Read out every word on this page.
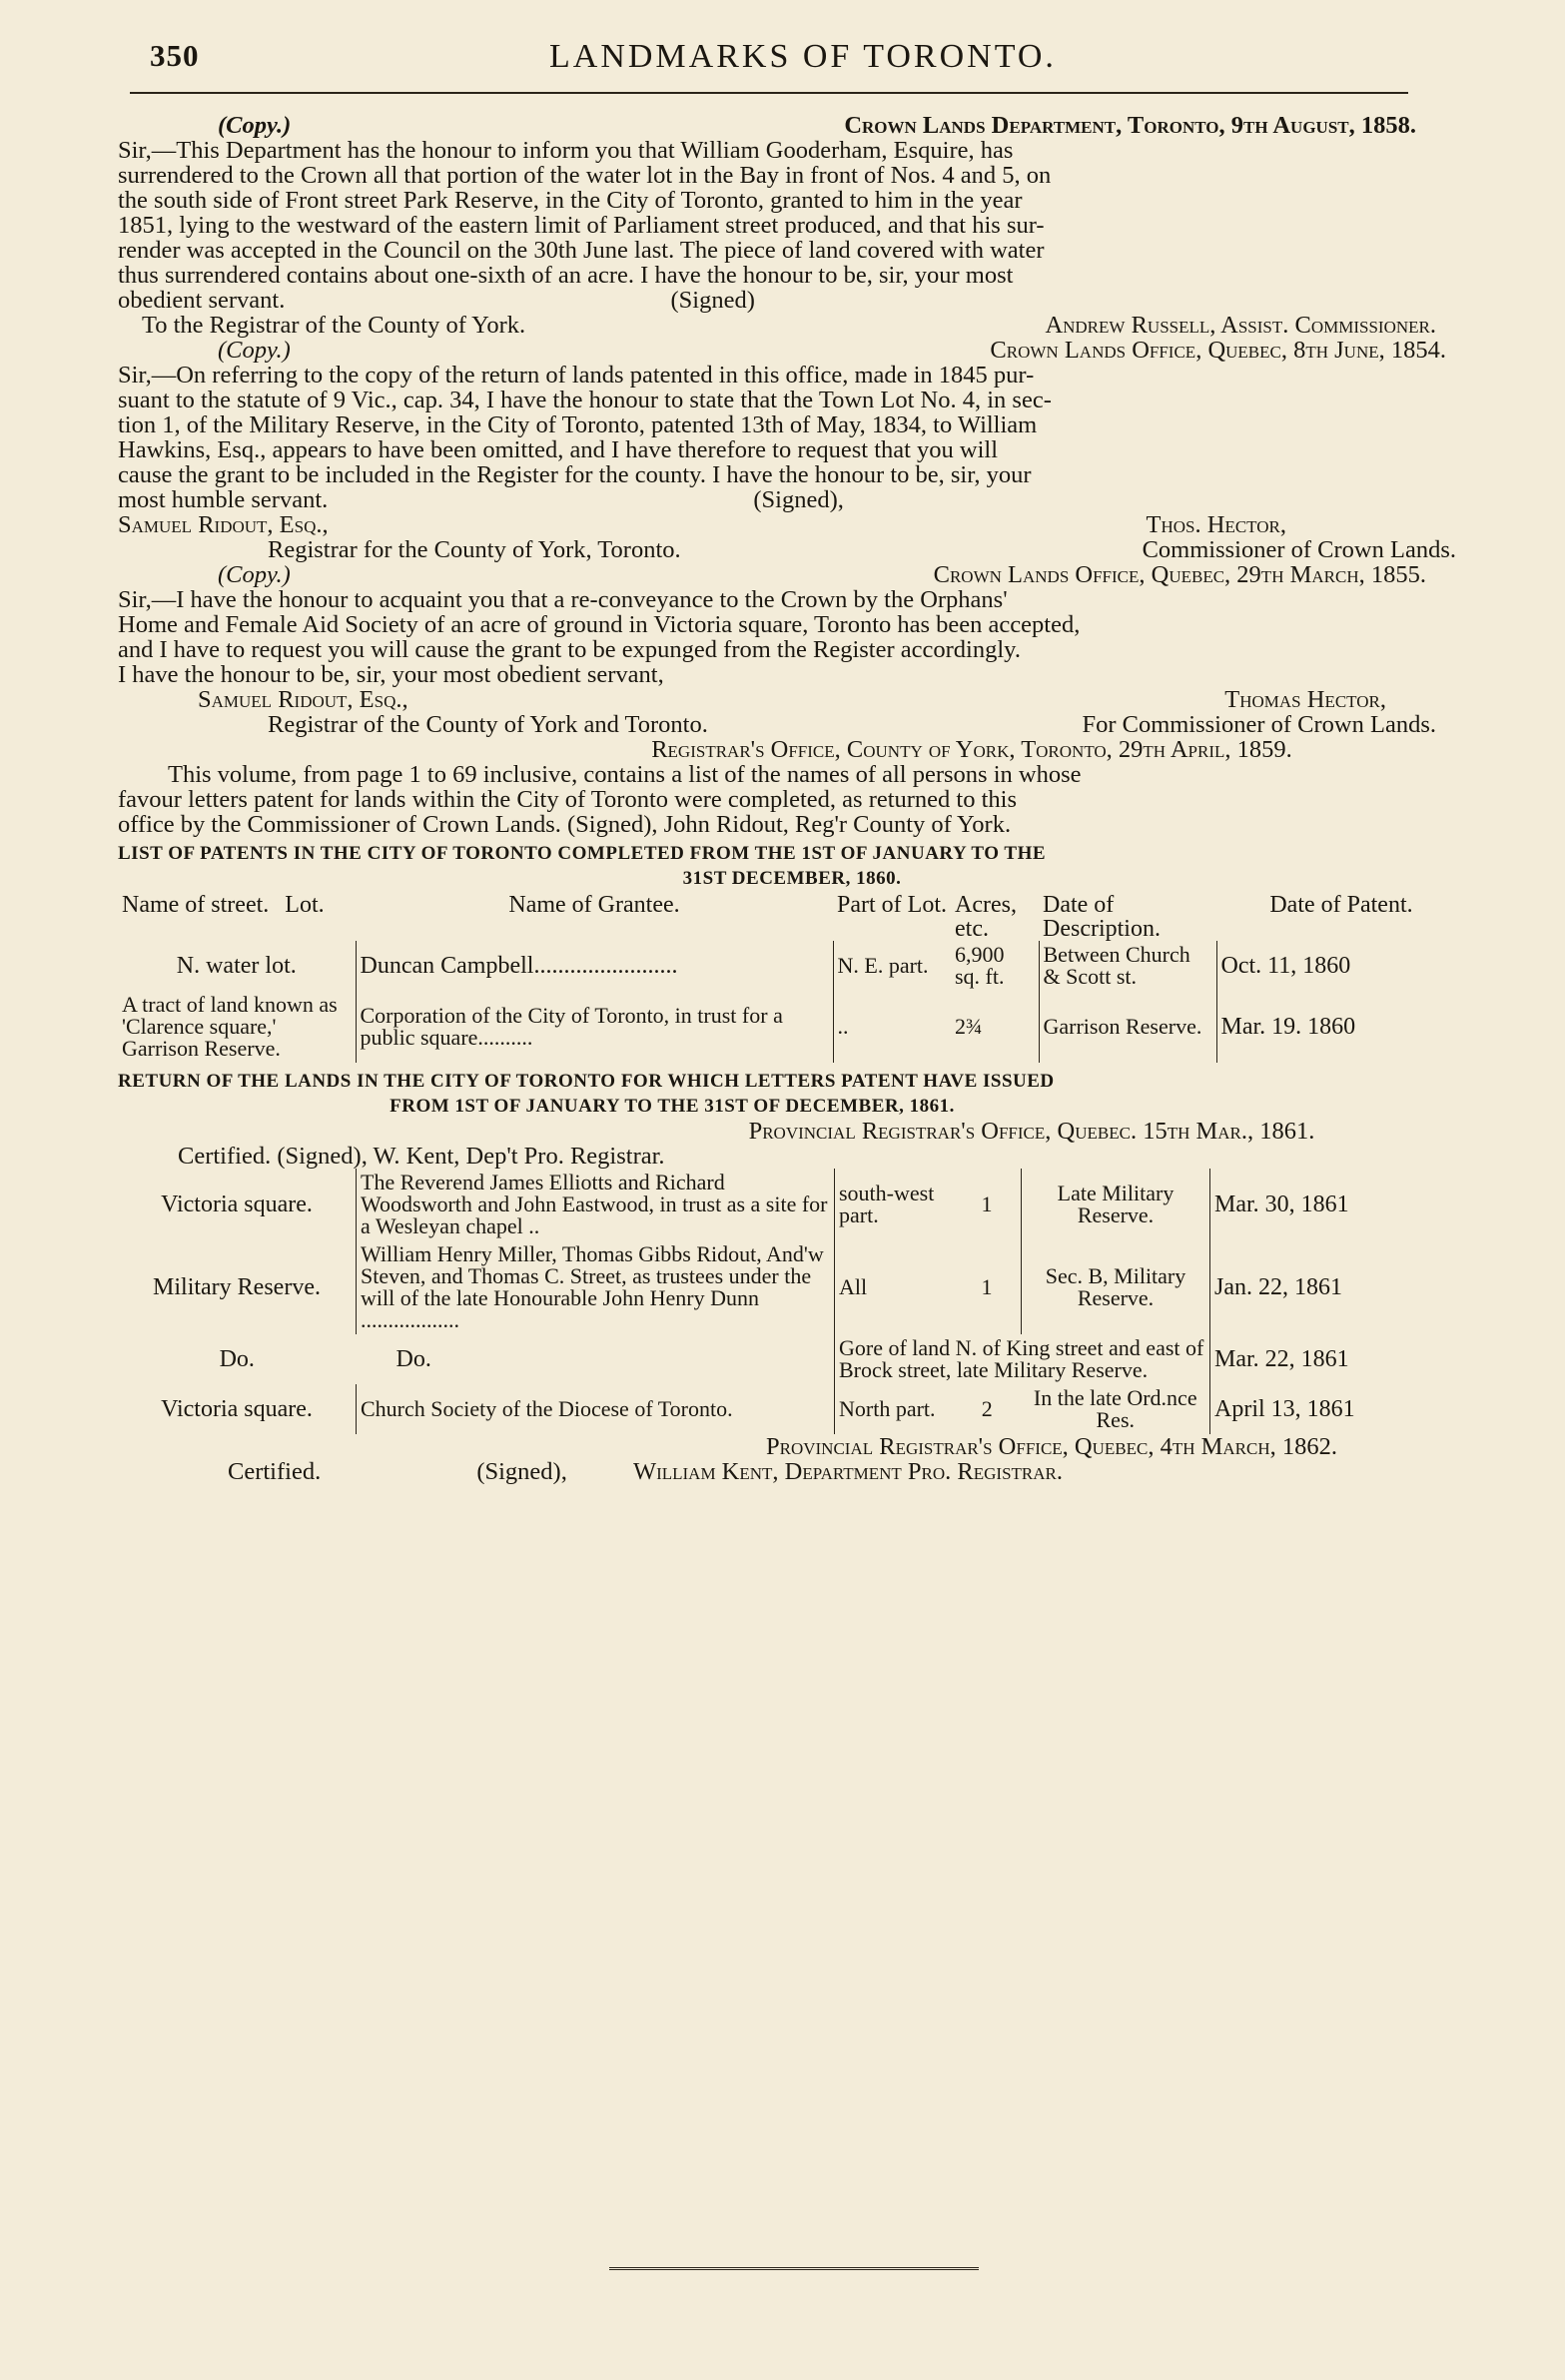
350	LANDMARKS OF TORONTO.
(Copy.)	Crown Lands Department, Toronto, 9th August, 1858.
Sir,—This Department has the honour to inform you that William Gooderham, Esquire, has
surrendered to the Crown all that portion of the water lot in the Bay in front of Nos. 4 and 5, on
the south side of Front street Park Reserve, in the City of Toronto, granted to him in the year
1851, lying to the westward of the eastern limit of Parliament street produced, and that his sur-
render was accepted in the Council on the 30th June last. The piece of land covered with water
thus surrendered contains about one-sixth of an acre. I have the honour to be, sir, your most
obedient servant.	(Signed)
To the Registrar of the County of York.	Andrew Russell, Assist. Commissioner.
(Copy.)	Crown Lands Office, Quebec, 8th June, 1854.
Sir,—On referring to the copy of the return of lands patented in this office, made in 1845 pur-
suant to the statute of 9 Vic., cap. 34, I have the honour to state that the Town Lot No. 4, in sec-
tion 1, of the Military Reserve, in the City of Toronto, patented 13th of May, 1834, to William
Hawkins, Esq., appears to have been omitted, and I have therefore to request that you will
cause the grant to be included in the Register for the county. I have the honour to be, sir, your
most humble servant.	(Signed),
Samuel Ridout, Esq.,	Thos. Hector,
Registrar for the County of York, Toronto.	Commissioner of Crown Lands.
(Copy.)	Crown Lands Office, Quebec, 29th March, 1855.
Sir,—I have the honour to acquaint you that a re-conveyance to the Crown by the Orphans'
Home and Female Aid Society of an acre of ground in Victoria square, Toronto has been accepted,
and I have to request you will cause the grant to be expunged from the Register accordingly.
I have the honour to be, sir, your most obedient servant,
Samuel Ridout, Esq.,	Thomas Hector,
Registrar of the County of York and Toronto.	For Commissioner of Crown Lands.
Registrar's Office, County of York, Toronto, 29th April, 1859.
This volume, from page 1 to 69 inclusive, contains a list of the names of all persons in whose
favour letters patent for lands within the City of Toronto were completed, as returned to this
office by the Commissioner of Crown Lands. (Signed), John Ridout, Reg'r County of York.
LIST OF PATENTS IN THE CITY OF TORONTO COMPLETED FROM THE 1ST OF JANUARY TO THE
31ST DECEMBER, 1860.
Name of street. Lot.	Name of Grantee.	Part of Lot.	Acres, etc.	Date of Description.	Date of Patent.
N. water lot.	Duncan Campbell........................	N. E. part.	6,900 sq. ft.	Between Church & Scott st.	Oct. 11, 1860
A tract of land known as 'Clarence square,' Garrison Reserve.	Corporation of the City of Toronto, in trust for a public square..........	..	2¾	Garrison Reserve.	Mar. 19. 1860
RETURN OF THE LANDS IN THE CITY OF TORONTO FOR WHICH LETTERS PATENT HAVE ISSUED
FROM 1ST OF JANUARY TO THE 31ST OF DECEMBER, 1861.
Provincial Registrar's Office, Quebec. 15th Mar., 1861.
Certified. (Signed), W. Kent, Dep't Pro. Registrar.
Victoria square.	The Reverend James Elliotts and Richard Woodsworth and John Eastwood, in trust as a site for a Wesleyan chapel ..	south-west part.	1	Late Military Reserve.	Mar. 30, 1861
Military Reserve.	William Henry Miller, Thomas Gibbs Ridout, And'w Steven, and Thomas C. Street, as trustees under the will of the late Honourable John Henry Dunn ..................	All	1	Sec. B, Military Reserve.	Jan. 22, 1861
Do.	Do.	Gore of land N. of King street and east of Brock street, late Military Reserve.			Mar. 22, 1861
Victoria square.	Church Society of the Diocese of Toronto.	North part.	2	In the late Ord.nce Res.	April 13, 1861
Provincial Registrar's Office, Quebec, 4th March, 1862.
Certified.	(Signed),	William Kent, Department Pro. Registrar.
